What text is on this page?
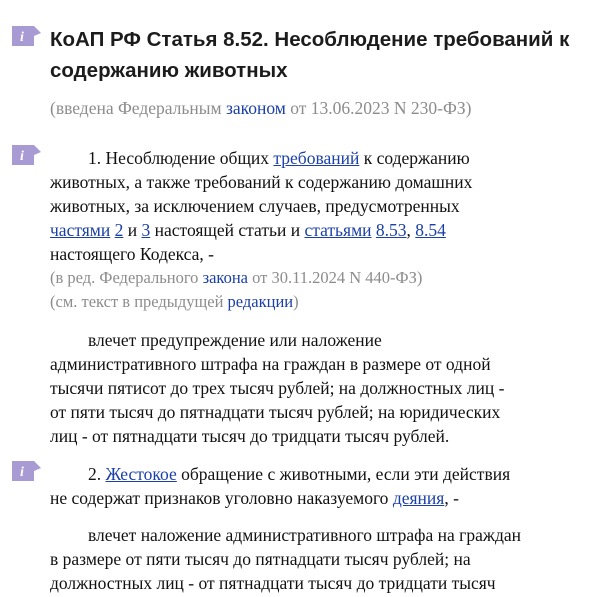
i КоАП РФ Статья 8.52. Несоблюдение требований к содержанию животных

(введена Федеральным законом от 13.06.2023 N 230-ФЗ)

i	1. Несоблюдение общих требований к содержанию
животных, а также требований к содержанию домашних
животных, за исключением случаев, предусмотренных
частями 2 и 3 настоящей статьи и статьями 8.53, 8.54
настоящего Кодекса, -
(в ред. Федерального закона от 30.11.2024 N 440-ФЗ)
(см. текст в предыдущей редакции)
влечет предупреждение или наложение
административного штрафа на граждан в размере от одной
тысячи пятисот до трех тысяч рублей; на должностных лиц -
от пяти тысяч до пятнадцати тысяч рублей; на юридических
лиц - от пятнадцати тысяч до тридцати тысяч рублей.
i	2. Жестокое обращение с животными, если эти действия
не содержат признаков уголовно наказуемого деяния, -
влечет наложение административного штрафа на граждан
в размере от пяти тысяч до пятнадцати тысяч рублей; на
должностных лиц - от пятнадцати тысяч до тридцати тысяч
